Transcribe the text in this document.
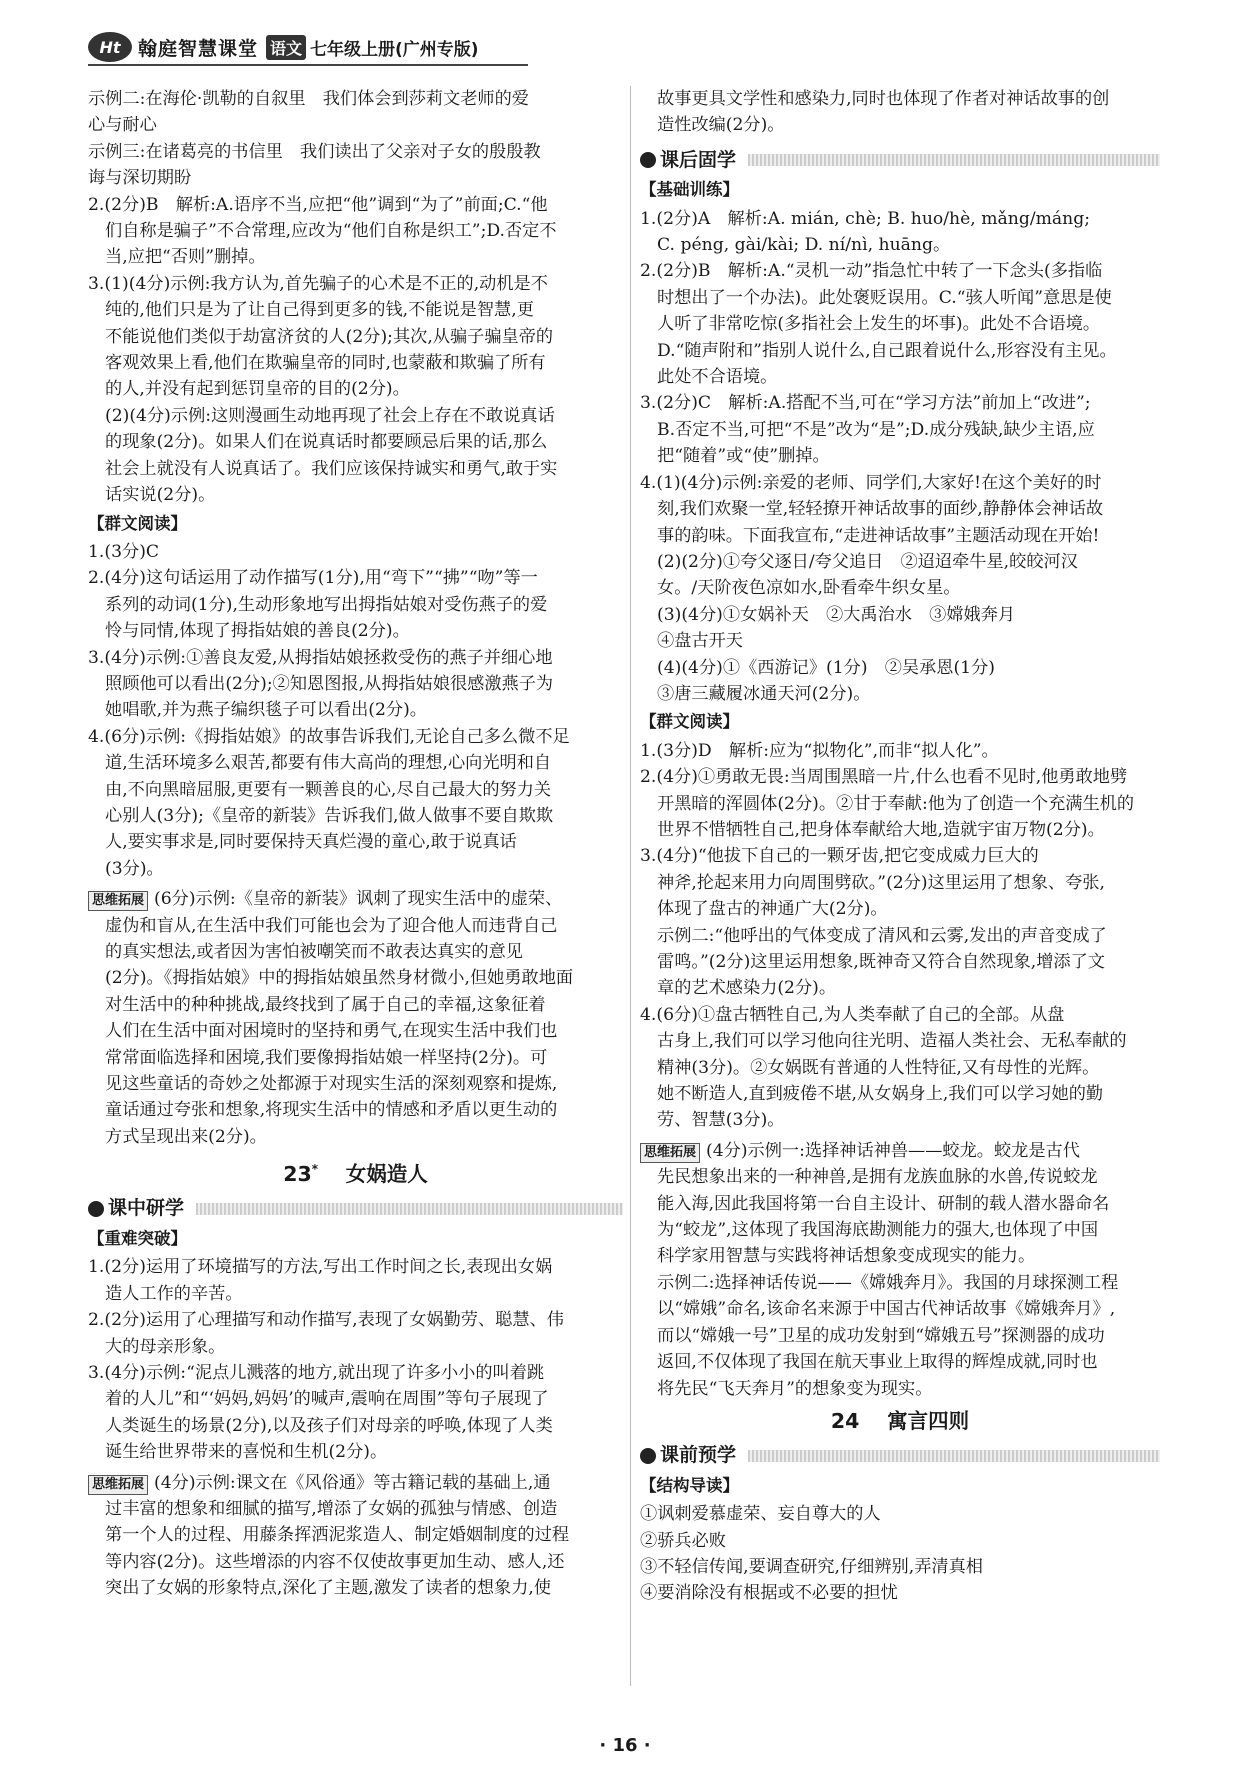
Ht 翰庭智慧课堂 语文 七年级上册(广州专版)

示例二:在海伦·凯勒的自叙里　我们体会到莎莉文老师的爱

心与耐心

示例三:在诸葛亮的书信里　我们读出了父亲对子女的殷殷教

诲与深切期盼

2.(2分)B　解析:A.语序不当,应把“他”调到“为了”前面;C.“他

们自称是骗子”不合常理,应改为“他们自称是织工”;D.否定不

当,应把“否则”删掉。

3.(1)(4分)示例:我方认为,首先骗子的心术是不正的,动机是不

纯的,他们只是为了让自己得到更多的钱,不能说是智慧,更

不能说他们类似于劫富济贫的人(2分);其次,从骗子骗皇帝的

客观效果上看,他们在欺骗皇帝的同时,也蒙蔽和欺骗了所有

的人,并没有起到惩罚皇帝的目的(2分)。

(2)(4分)示例:这则漫画生动地再现了社会上存在不敢说真话

的现象(2分)。如果人们在说真话时都要顾忌后果的话,那么

社会上就没有人说真话了。我们应该保持诚实和勇气,敢于实

话实说(2分)。

【群文阅读】

1.(3分)C

2.(4分)这句话运用了动作描写(1分),用“弯下”“拂”“吻”等一

系列的动词(1分),生动形象地写出拇指姑娘对受伤燕子的爱

怜与同情,体现了拇指姑娘的善良(2分)。

3.(4分)示例:①善良友爱,从拇指姑娘拯救受伤的燕子并细心地

照顾他可以看出(2分);②知恩图报,从拇指姑娘很感激燕子为

她唱歌,并为燕子编织毯子可以看出(2分)。

4.(6分)示例:《拇指姑娘》的故事告诉我们,无论自己多么微不足

道,生活环境多么艰苦,都要有伟大高尚的理想,心向光明和自

由,不向黑暗屈服,更要有一颗善良的心,尽自己最大的努力关

心别人(3分);《皇帝的新装》告诉我们,做人做事不要自欺欺

人,要实事求是,同时要保持天真烂漫的童心,敢于说真话

(3分)。

思维拓展 (6分)示例:《皇帝的新装》讽刺了现实生活中的虚荣、

虚伪和盲从,在生活中我们可能也会为了迎合他人而违背自己

的真实想法,或者因为害怕被嘲笑而不敢表达真实的意见

(2分)。《拇指姑娘》中的拇指姑娘虽然身材微小,但她勇敢地面

对生活中的种种挑战,最终找到了属于自己的幸福,这象征着

人们在生活中面对困境时的坚持和勇气,在现实生活中我们也

常常面临选择和困境,我们要像拇指姑娘一样坚持(2分)。可

见这些童话的奇妙之处都源于对现实生活的深刻观察和提炼,

童话通过夸张和想象,将现实生活中的情感和矛盾以更生动的

方式呈现出来(2分)。

23*　 女娲造人
课中研学
【重难突破】

1.(2分)运用了环境描写的方法,写出工作时间之长,表现出女娲

造人工作的辛苦。

2.(2分)运用了心理描写和动作描写,表现了女娲勤劳、聪慧、伟

大的母亲形象。

3.(4分)示例:“泥点儿溅落的地方,就出现了许多小小的叫着跳

着的人儿”和“‘妈妈,妈妈’的喊声,震响在周围”等句子展现了

人类诞生的场景(2分),以及孩子们对母亲的呼唤,体现了人类

诞生给世界带来的喜悦和生机(2分)。

思维拓展 (4分)示例:课文在《风俗通》等古籍记载的基础上,通

过丰富的想象和细腻的描写,增添了女娲的孤独与情感、创造

第一个人的过程、用藤条挥洒泥浆造人、制定婚姻制度的过程

等内容(2分)。这些增添的内容不仅使故事更加生动、感人,还

突出了女娲的形象特点,深化了主题,激发了读者的想象力,使

故事更具文学性和感染力,同时也体现了作者对神话故事的创

造性改编(2分)。

课后固学
【基础训练】

1.(2分)A　解析:A. mián, chè; B. huo/hè, mǎng/máng;

C. péng, gài/kài; D. ní/nì, huāng。

2.(2分)B　解析:A.“灵机一动”指急忙中转了一下念头(多指临

时想出了一个办法)。此处褒贬误用。C.“骇人听闻”意思是使

人听了非常吃惊(多指社会上发生的坏事)。此处不合语境。

D.“随声附和”指别人说什么,自己跟着说什么,形容没有主见。

此处不合语境。

3.(2分)C　解析:A.搭配不当,可在“学习方法”前加上“改进”;

B.否定不当,可把“不是”改为“是”;D.成分残缺,缺少主语,应

把“随着”或“使”删掉。

4.(1)(4分)示例:亲爱的老师、同学们,大家好!在这个美好的时

刻,我们欢聚一堂,轻轻撩开神话故事的面纱,静静体会神话故

事的韵味。下面我宣布,“走进神话故事”主题活动现在开始!

(2)(2分)①夸父逐日/夸父追日　②迢迢牵牛星,皎皎河汉

女。/天阶夜色凉如水,卧看牵牛织女星。

(3)(4分)①女娲补天　②大禹治水　③嫦娥奔月

④盘古开天

(4)(4分)①《西游记》(1分)　②吴承恩(1分)

③唐三藏履冰通天河(2分)。

【群文阅读】

1.(3分)D　解析:应为“拟物化”,而非“拟人化”。

2.(4分)①勇敢无畏:当周围黑暗一片,什么也看不见时,他勇敢地劈

开黑暗的浑圆体(2分)。②甘于奉献:他为了创造一个充满生机的

世界不惜牺牲自己,把身体奉献给大地,造就宇宙万物(2分)。

3.(4分)“他拔下自己的一颗牙齿,把它变成威力巨大的

神斧,抡起来用力向周围劈砍。”(2分)这里运用了想象、夸张,

体现了盘古的神通广大(2分)。

示例二:“他呼出的气体变成了清风和云雾,发出的声音变成了

雷鸣。”(2分)这里运用想象,既神奇又符合自然现象,增添了文

章的艺术感染力(2分)。

4.(6分)①盘古牺牲自己,为人类奉献了自己的全部。从盘

古身上,我们可以学习他向往光明、造福人类社会、无私奉献的

精神(3分)。②女娲既有普通的人性特征,又有母性的光辉。

她不断造人,直到疲倦不堪,从女娲身上,我们可以学习她的勤

劳、智慧(3分)。

思维拓展 (4分)示例一:选择神话神兽——蛟龙。蛟龙是古代

先民想象出来的一种神兽,是拥有龙族血脉的水兽,传说蛟龙

能入海,因此我国将第一台自主设计、研制的载人潜水器命名

为“蛟龙”,这体现了我国海底勘测能力的强大,也体现了中国

科学家用智慧与实践将神话想象变成现实的能力。

示例二:选择神话传说——《嫦娥奔月》。我国的月球探测工程

以“嫦娥”命名,该命名来源于中国古代神话故事《嫦娥奔月》,

而以“嫦娥一号”卫星的成功发射到“嫦娥五号”探测器的成功

返回,不仅体现了我国在航天事业上取得的辉煌成就,同时也

将先民“飞天奔月”的想象变为现实。

24　 寓言四则
课前预学
【结构导读】

①讽刺爱慕虚荣、妄自尊大的人

②骄兵必败

③不轻信传闻,要调查研究,仔细辨别,弄清真相

④要消除没有根据或不必要的担忧

· 16 ·
